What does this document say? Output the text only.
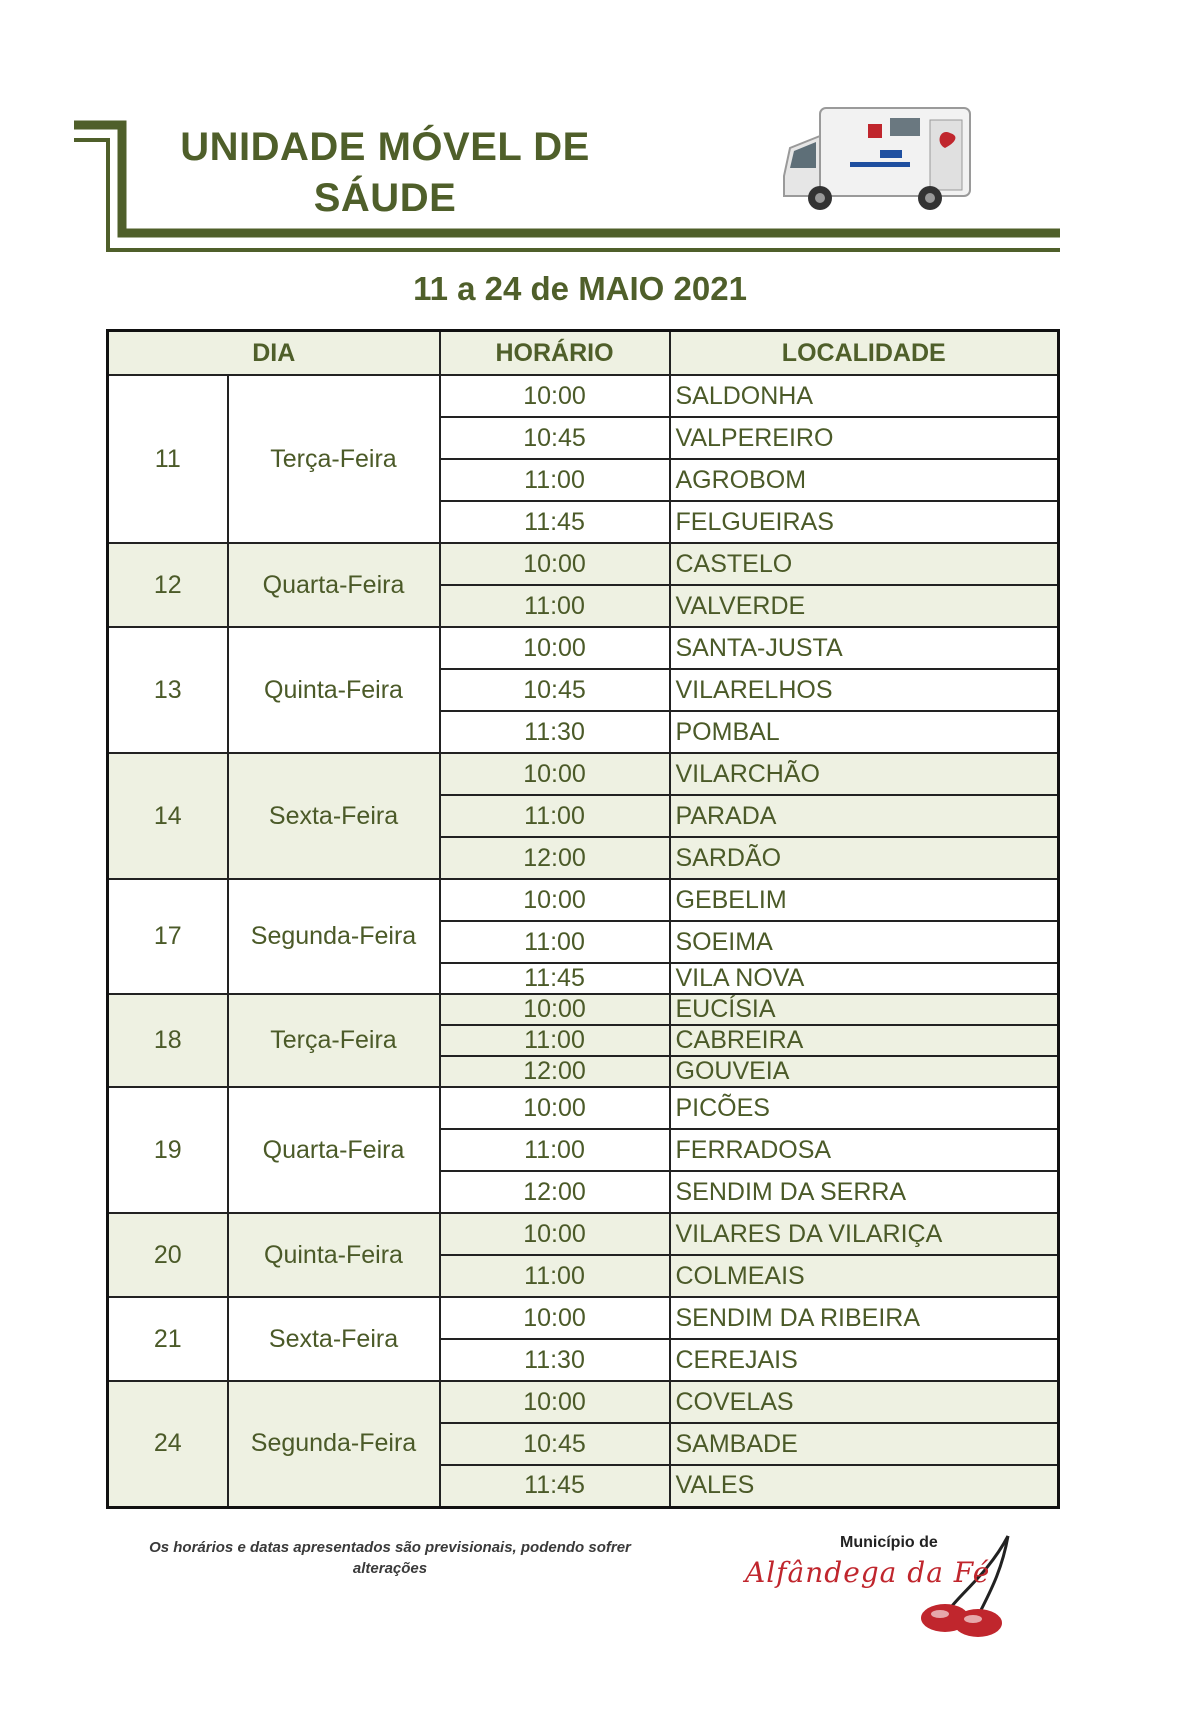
UNIDADE MÓVEL DE
SÁUDE
11 a 24 de MAIO 2021
DIA		HORÁRIO	LOCALIDADE
11	Terça-Feira	10:00	SALDONHA
		10:45	VALPEREIRO
		11:00	AGROBOM
		11:45	FELGUEIRAS
12	Quarta-Feira	10:00	CASTELO
		11:00	VALVERDE
13	Quinta-Feira	10:00	SANTA-JUSTA
		10:45	VILARELHOS
		11:30	POMBAL
14	Sexta-Feira	10:00	VILARCHÃO
		11:00	PARADA
		12:00	SARDÃO
17	Segunda-Feira	10:00	GEBELIM
		11:00	SOEIMA
		11:45	VILA NOVA
18	Terça-Feira	10:00	EUCÍSIA
		11:00	CABREIRA
		12:00	GOUVEIA
19	Quarta-Feira	10:00	PICÕES
		11:00	FERRADOSA
		12:00	SENDIM DA SERRA
20	Quinta-Feira	10:00	VILARES DA VILARIÇA
		11:00	COLMEAIS
21	Sexta-Feira	10:00	SENDIM DA RIBEIRA
		11:30	CEREJAIS
24	Segunda-Feira	10:00	COVELAS
		10:45	SAMBADE
		11:45	VALES
Os horários e datas apresentados são previsionais, podendo sofrer alterações
Município de
Alfândega da Fé
